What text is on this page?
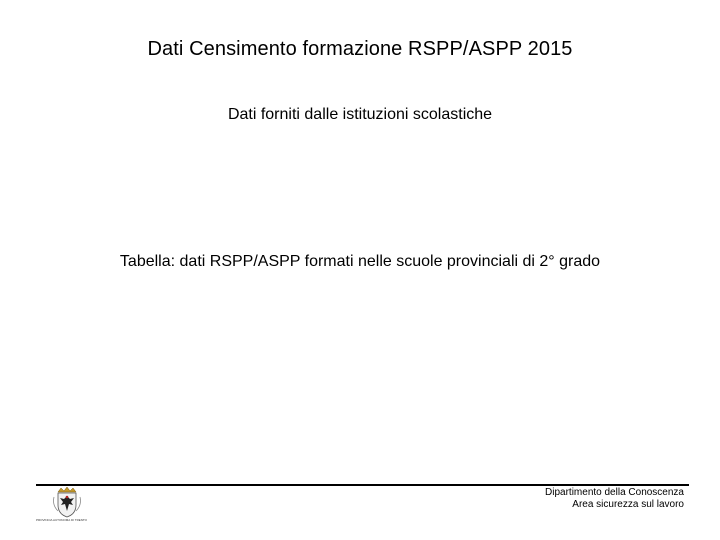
Dati Censimento formazione RSPP/ASPP 2015
Dati forniti dalle istituzioni scolastiche
Tabella: dati RSPP/ASPP formati nelle scuole provinciali di 2° grado
PROVINCIA AUTONOMA DI TRENTO
Dipartimento della Conoscenza
Area sicurezza sul lavoro
